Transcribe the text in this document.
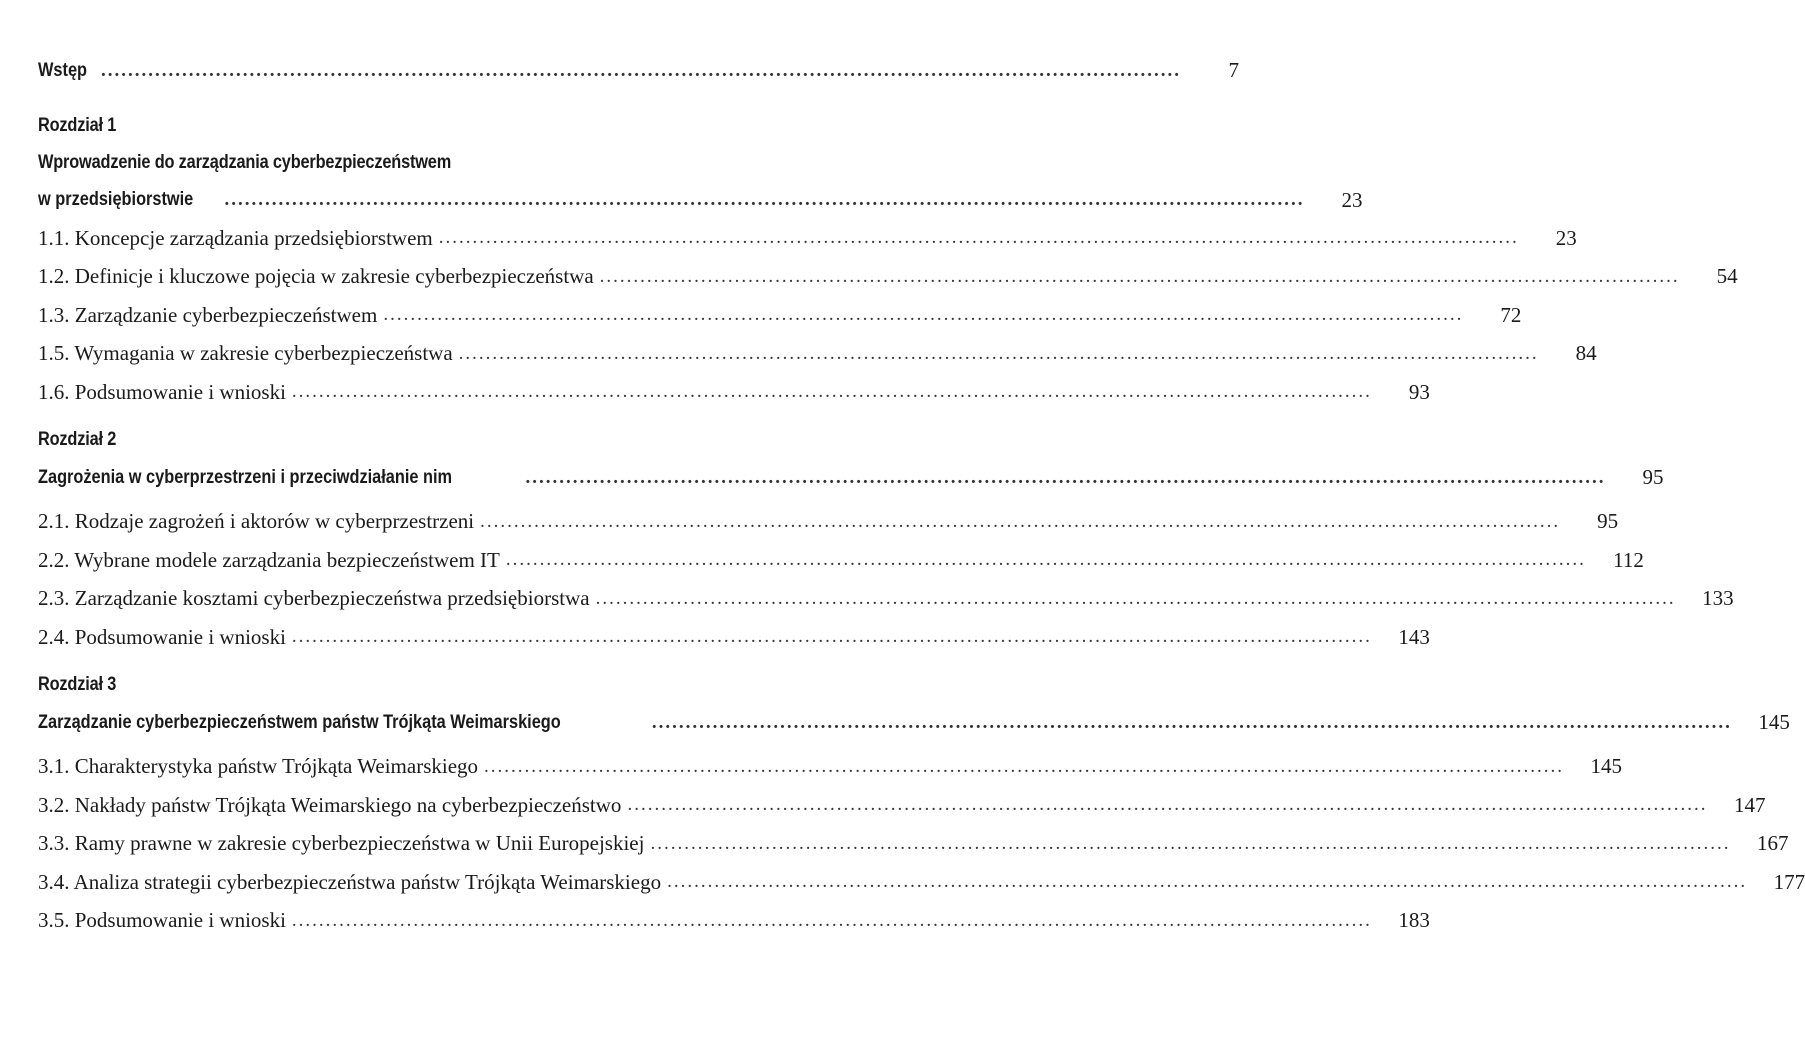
Wstęp ................................................................................................................................................................	7
Rozdział 1
Wprowadzenie do zarządzania cyberbezpieczeństwem
w przedsiębiorstwie ................................................................................................................................................................	23
1.1. Koncepcje zarządzania przedsiębiorstwem ................................................................................................................................................................	23
1.2. Definicje i kluczowe pojęcia w zakresie cyberbezpieczeństwa ................................................................................................................................................................	54
1.3. Zarządzanie cyberbezpieczeństwem ................................................................................................................................................................	72
1.5. Wymagania w zakresie cyberbezpieczeństwa ................................................................................................................................................................	84
1.6. Podsumowanie i wnioski ................................................................................................................................................................	93
Rozdział 2
Zagrożenia w cyberprzestrzeni i przeciwdziałanie nim	................................................................................................................................................................	95
2.1. Rodzaje zagrożeń i aktorów w cyberprzestrzeni ................................................................................................................................................................	95
2.2. Wybrane modele zarządzania bezpieczeństwem IT ................................................................................................................................................................	112
2.3. Zarządzanie kosztami cyberbezpieczeństwa przedsiębiorstwa ................................................................................................................................................................	133
2.4. Podsumowanie i wnioski ................................................................................................................................................................	143
Rozdział 3
Zarządzanie cyberbezpieczeństwem państw Trójkąta Weimarskiego	................................................................................................................................................................	145
3.1. Charakterystyka państw Trójkąta Weimarskiego ................................................................................................................................................................	145
3.2. Nakłady państw Trójkąta Weimarskiego na cyberbezpieczeństwo ................................................................................................................................................................	147
3.3. Ramy prawne w zakresie cyberbezpieczeństwa w Unii Europejskiej ................................................................................................................................................................	167
3.4. Analiza strategii cyberbezpieczeństwa państw Trójkąta Weimarskiego ................................................................................................................................................................	177
3.5. Podsumowanie i wnioski ................................................................................................................................................................	183
